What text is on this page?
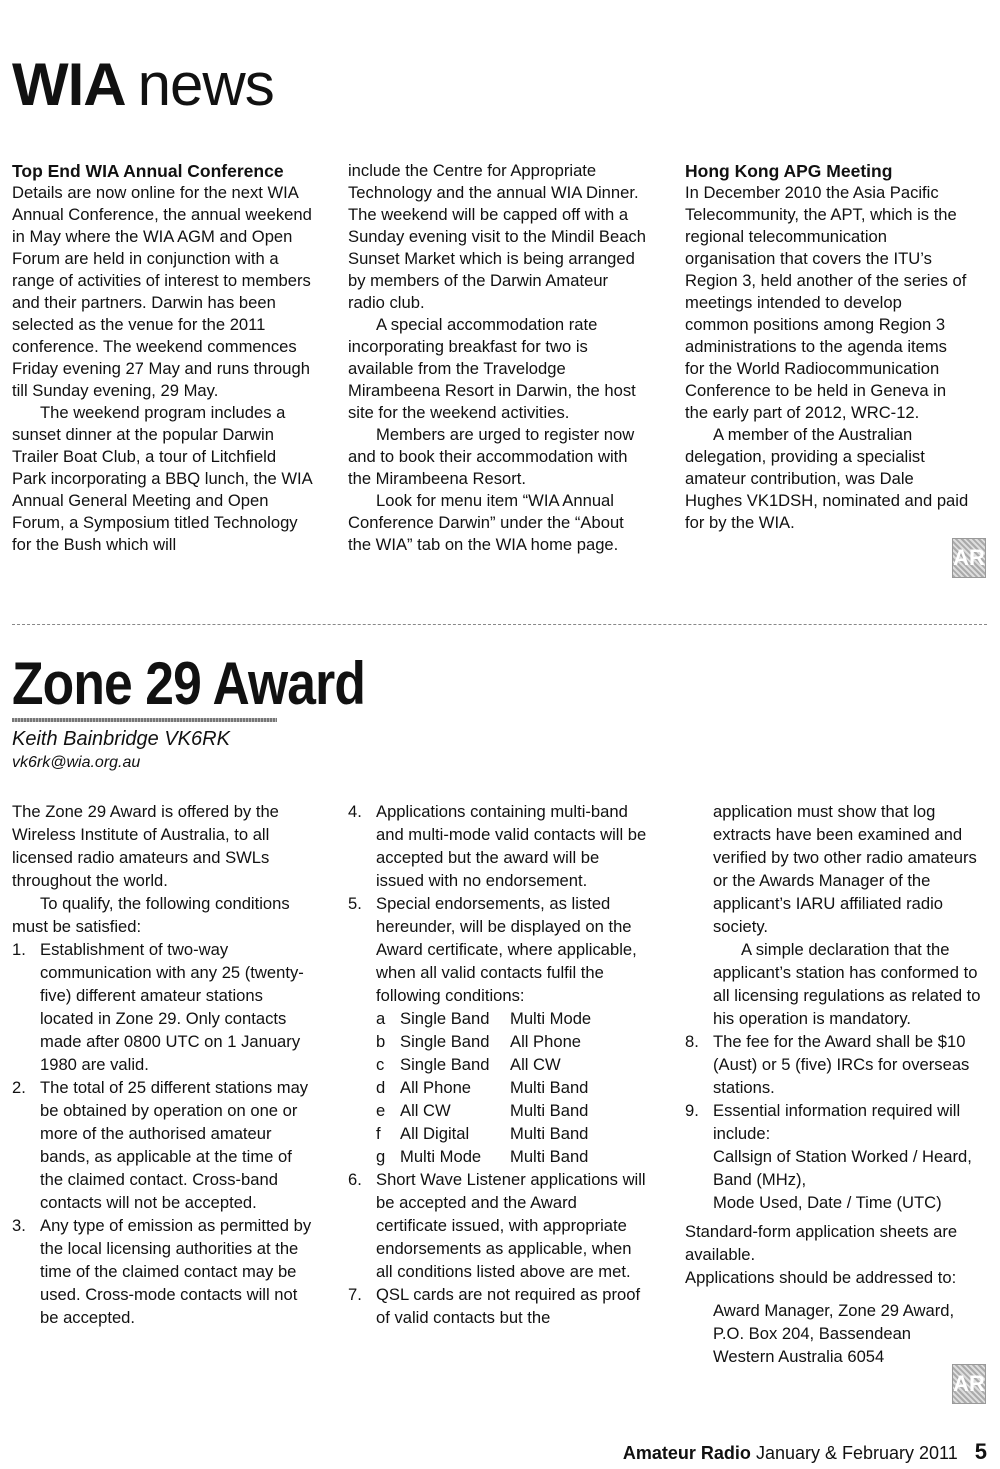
WIA news
Top End WIA Annual Conference

Details are now online for the next WIA Annual Conference, the annual weekend in May where the WIA AGM and Open Forum are held in conjunction with a range of activities of interest to members and their partners. Darwin has been selected as the venue for the 2011 conference. The weekend commences Friday evening 27 May and runs through till Sunday evening, 29 May.

The weekend program includes a sunset dinner at the popular Darwin Trailer Boat Club, a tour of Litchfield Park incorporating a BBQ lunch, the WIA Annual General Meeting and Open Forum, a Symposium titled Technology for the Bush which will

include the Centre for Appropriate Technology and the annual WIA Dinner. The weekend will be capped off with a Sunday evening visit to the Mindil Beach Sunset Market which is being arranged by members of the Darwin Amateur radio club.

A special accommodation rate incorporating breakfast for two is available from the Travelodge Mirambeena Resort in Darwin, the host site for the weekend activities.

Members are urged to register now and to book their accommodation with the Mirambeena Resort.

Look for menu item “WIA Annual Conference Darwin” under the “About the WIA” tab on the WIA home page.

Hong Kong APG Meeting

In December 2010 the Asia Pacific Telecommunity, the APT, which is the regional telecommunication organisation that covers the ITU’s Region 3, held another of the series of meetings intended to develop common positions among Region 3 administrations to the agenda items for the World Radiocommunication Conference to be held in Geneva in the early part of 2012, WRC-12.

A member of the Australian delegation, providing a specialist amateur contribution, was Dale Hughes VK1DSH, nominated and paid for by the WIA.

AR
Zone 29 Award
Keith Bainbridge VK6RK
vk6rk@wia.org.au

The Zone 29 Award is offered by the Wireless Institute of Australia, to all licensed radio amateurs and SWLs throughout the world.

To qualify, the following conditions must be satisfied:

1. Establishment of two-way communication with any 25 (twenty-five) different amateur stations located in Zone 29. Only contacts made after 0800 UTC on 1 January 1980 are valid.
2. The total of 25 different stations may be obtained by operation on one or more of the authorised amateur bands, as applicable at the time of the claimed contact. Cross-band contacts will not be accepted.
3. Any type of emission as permitted by the local licensing authorities at the time of the claimed contact may be used. Cross-mode contacts will not be accepted.
4. Applications containing multi-band and multi-mode valid contacts will be accepted but the award will be issued with no endorsement.
5. Special endorsements, as listed hereunder, will be displayed on the Award certificate, where applicable, when all valid contacts fulfil the following conditions:
a Single Band	Multi Mode
b Single Band	All Phone
c Single Band	All CW
d All Phone	Multi Band
e All CW	Multi Band
f	All Digital	Multi Band
g Multi Mode	Multi Band
6. Short Wave Listener applications will be accepted and the Award certificate issued, with appropriate endorsements as applicable, when all conditions listed above are met.
7. QSL cards are not required as proof of valid contacts but the

application must show that log extracts have been examined and verified by two other radio amateurs or the Awards Manager of the applicant’s IARU affiliated radio society.

A simple declaration that the applicant’s station has conformed to all licensing regulations as related to his operation is mandatory.

8. The fee for the Award shall be $10 (Aust) or 5 (five) IRCs for overseas stations.
9. Essential information required will include:
Callsign of Station Worked / Heard, Band (MHz),
Mode Used, Date / Time (UTC)

Standard-form application sheets are available.

Applications should be addressed to:

Award Manager, Zone 29 Award,
P.O. Box 204, Bassendean
Western Australia 6054
AR
Amateur Radio January & February 2011 5
